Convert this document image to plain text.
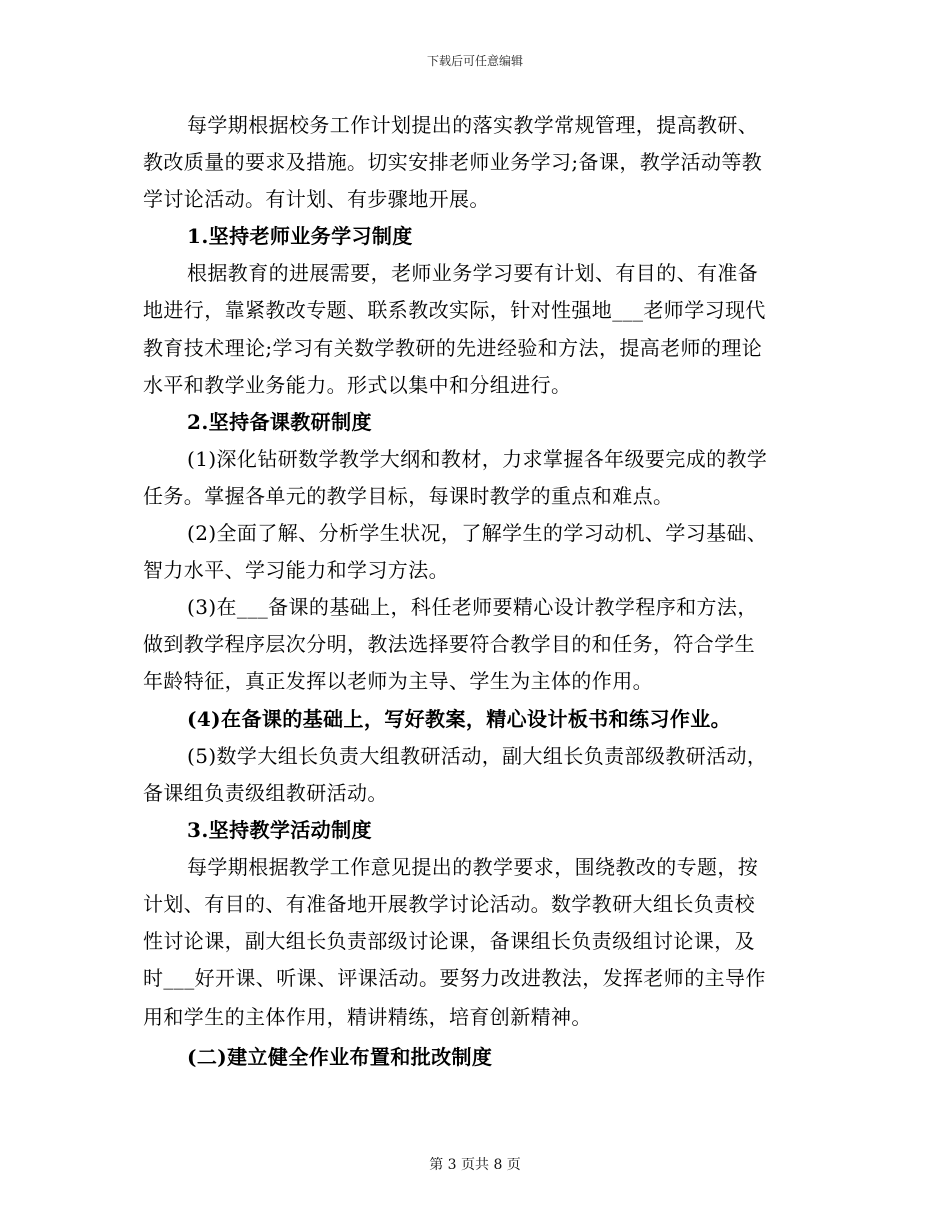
下载后可任意编辑
每学期根据校务工作计划提出的落实教学常规管理，提高教研、
教改质量的要求及措施。切实安排老师业务学习;备课，教学活动等教
学讨论活动。有计划、有步骤地开展。
1.坚持老师业务学习制度
根据教育的进展需要，老师业务学习要有计划、有目的、有准备
地进行，靠紧教改专题、联系教改实际，针对性强地___老师学习现代
教育技术理论;学习有关数学教研的先进经验和方法，提高老师的理论
水平和教学业务能力。形式以集中和分组进行。
2.坚持备课教研制度
(1)深化钻研数学教学大纲和教材，力求掌握各年级要完成的教学
任务。掌握各单元的教学目标，每课时教学的重点和难点。
(2)全面了解、分析学生状况，了解学生的学习动机、学习基础、
智力水平、学习能力和学习方法。
(3)在___备课的基础上，科任老师要精心设计教学程序和方法，
做到教学程序层次分明，教法选择要符合教学目的和任务，符合学生
年龄特征，真正发挥以老师为主导、学生为主体的作用。
(4)在备课的基础上，写好教案，精心设计板书和练习作业。
(5)数学大组长负责大组教研活动，副大组长负责部级教研活动，
备课组负责级组教研活动。
3.坚持教学活动制度
每学期根据教学工作意见提出的教学要求，围绕教改的专题，按
计划、有目的、有准备地开展教学讨论活动。数学教研大组长负责校
性讨论课，副大组长负责部级讨论课，备课组长负责级组讨论课，及
时___好开课、听课、评课活动。要努力改进教法，发挥老师的主导作
用和学生的主体作用，精讲精练，培育创新精神。
(二)建立健全作业布置和批改制度
第 3 页共 8 页
